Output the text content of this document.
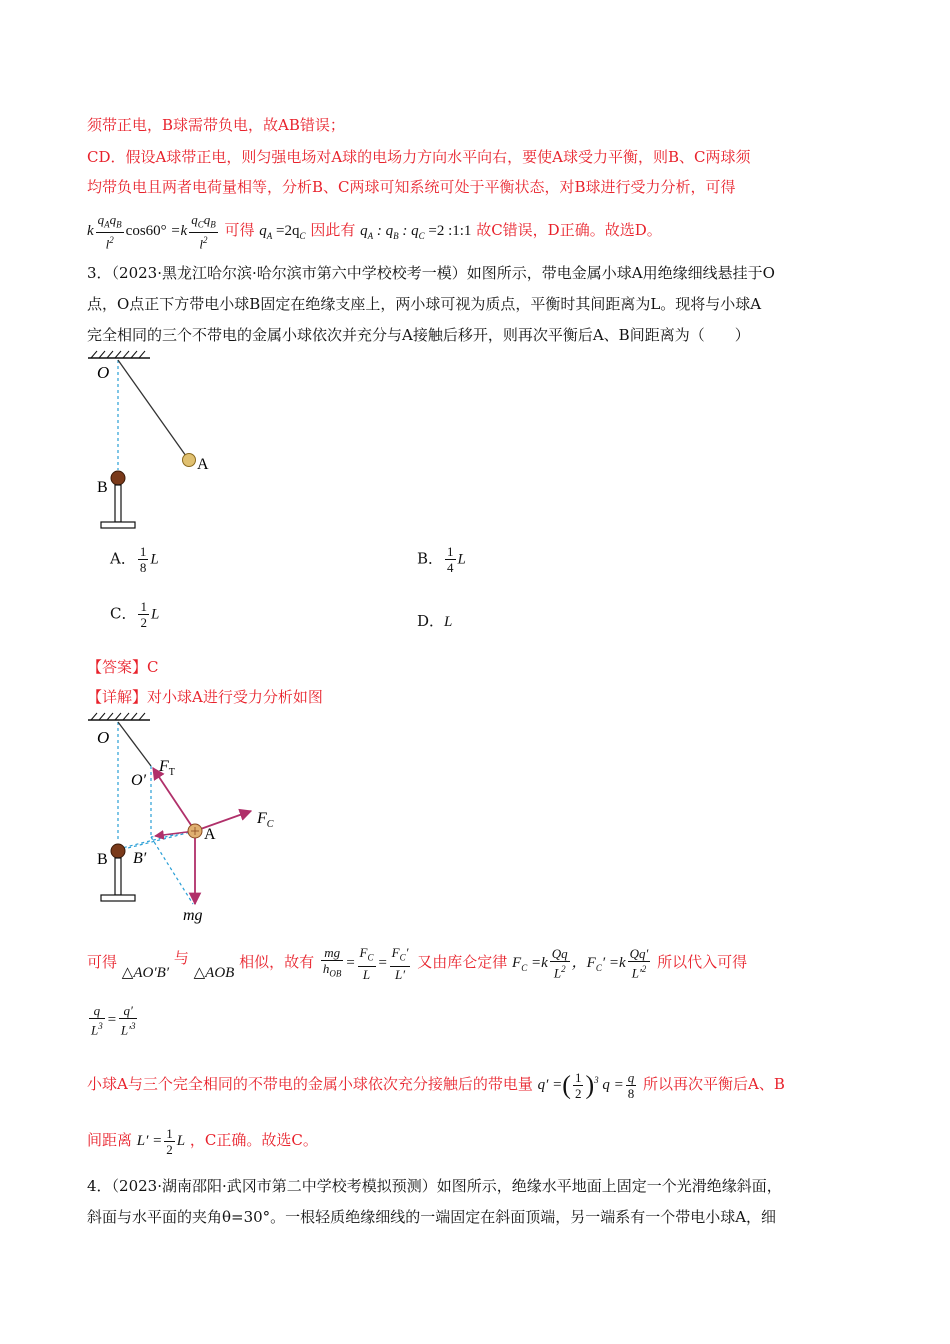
须带正电，B球需带负电，故AB错误；
CD．假设A球带正电，则匀强电场对A球的电场力方向水平向右，要使A球受力平衡，则B、C两球须
均带负电且两者电荷量相等，分析B、C两球可知系统可处于平衡状态，对B球进行受力分析，可得
k $\frac{q_Aq_B}{l^2} \cos 60^\circ =k \frac{q_Cq_B}{l^2}$ 可得 $q_A =2q_C$ 因此有 $q_A$ : $q_B$ : $q_C =2$ :1:1 故C错误，D正确。故选D。
3．（2023·黑龙江哈尔滨·哈尔滨市第六中学校校考一模）如图所示，带电金属小球A用绝缘细线悬挂于O
点，O点正下方带电小球B固定在绝缘支座上，两小球可视为质点，平衡时其间距离为L。现将与小球A
完全相同的三个不带电的金属小球依次并充分与A接触后移开，则再次平衡后A、B间距离为（　　）
O
A
B
A． $\frac{1}{8}$ L	B． $\frac{1}{4}$ L
C． $\frac{1}{2}$ L	D．L
【答案】C
【详解】对小球A进行受力分析如图
O
A
B
O′
$F_T$
$F_C$
B′
mg
可得 △AO′B′ 与 △AOB 相似，故有 $\frac{mg}{h_{OB}} = \frac{F_C}{L} = \frac{F_C'}{L'}$ 又由库仑定律 $F_C =k \frac{Qq}{L^2}$ ，$F_C' =k \frac{Qq'}{L'^2}$ 所以代入可得
$\frac{q}{L^3} = \frac{q'}{L'^3}$
小球A与三个完全相同的不带电的金属小球依次充分接触后的带电量 q′ =( $\frac{1}{2} )^3$ $q = \frac{q}{8}$ 所以再次平衡后A、B
间距离 $L' = \frac{1}{2}$ L ，C正确。故选C。
4．（2023·湖南邵阳·武冈市第二中学校考模拟预测）如图所示，绝缘水平地面上固定一个光滑绝缘斜面，
斜面与水平面的夹角θ=30°。一根轻质绝缘细线的一端固定在斜面顶端，另一端系有一个带电小球A，细
